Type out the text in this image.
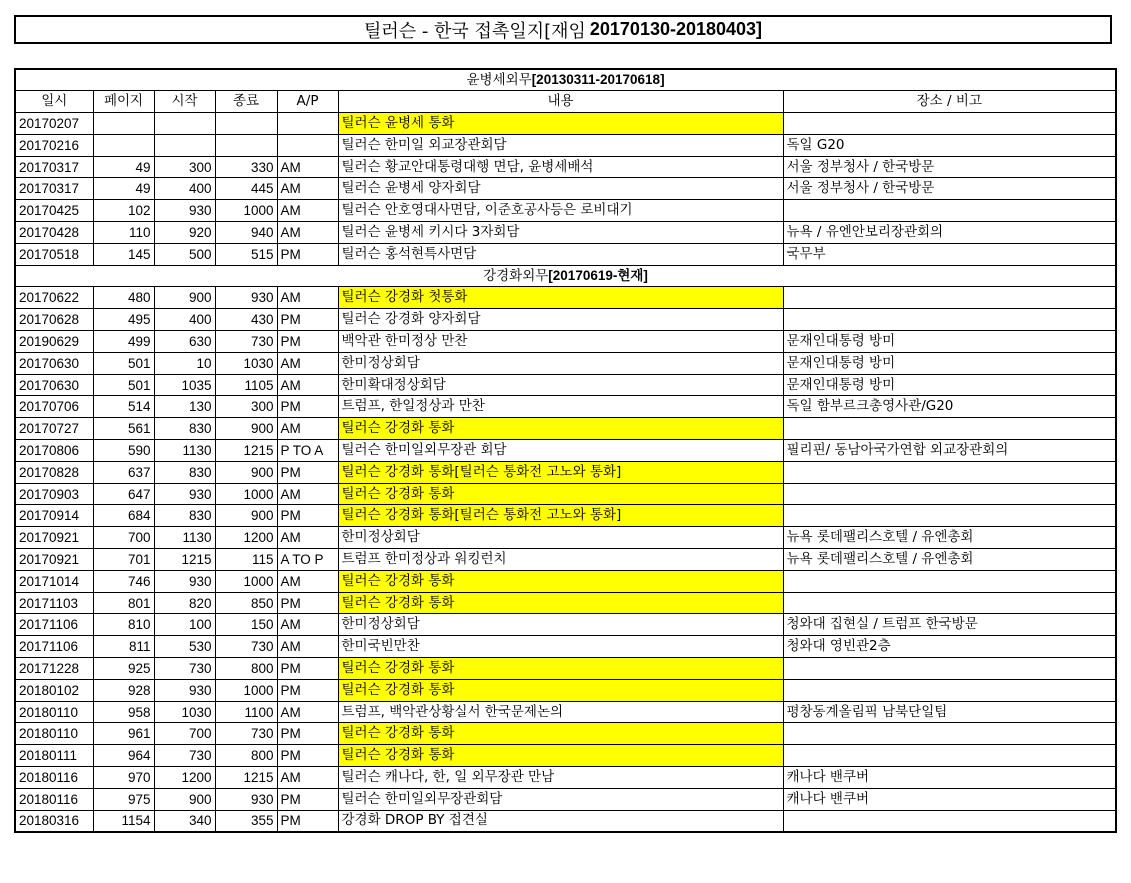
틸러슨 - 한국 접촉일지[재임 20170130-20180403]
윤병세외무[20130311-20170618]						
일시	페이지	시작	종료	A/P	내용	장소 / 비고
20170207					틸러슨 윤병세 통화	
20170216					틸러슨 한미일 외교장관회담	독일 G20
20170317	49	300	330	AM	틸러슨 황교안대통령대행 면담, 윤병세배석	서울 정부청사 / 한국방문
20170317	49	400	445	AM	틸러슨 윤병세 양자회담	서울 정부청사 / 한국방문
20170425	102	930	1000	AM	틸러슨 안호영대사면담, 이준호공사등은 로비대기	
20170428	110	920	940	AM	틸러슨 윤병세 키시다 3자회담	뉴욕 / 유엔안보리장관회의
20170518	145	500	515	PM	틸러슨 홍석현특사면담	국무부
강경화외무[20170619-현재]						
20170622	480	900	930	AM	틸러슨 강경화 첫통화	
20170628	495	400	430	PM	틸러슨 강경화 양자회담	
20190629	499	630	730	PM	백악관 한미정상 만찬	문재인대통령 방미
20170630	501	10	1030	AM	한미정상회담	문재인대통령 방미
20170630	501	1035	1105	AM	한미확대정상회담	문재인대통령 방미
20170706	514	130	300	PM	트럼프, 한일정상과 만찬	독일 함부르크총영사관/G20
20170727	561	830	900	AM	틸러슨 강경화 통화	
20170806	590	1130	1215	P TO A	틸러슨 한미일외무장관 회담	필리핀/ 동남아국가연합 외교장관회의
20170828	637	830	900	PM	틸러슨 강경화 통화[틸러슨 통화전 고노와 통화]	
20170903	647	930	1000	AM	틸러슨 강경화 통화	
20170914	684	830	900	PM	틸러슨 강경화 통화[틸러슨 통화전 고노와 통화]	
20170921	700	1130	1200	AM	한미정상회담	뉴욕 롯데팰리스호텔 / 유엔총회
20170921	701	1215	115	A TO P	트럼프 한미정상과 워킹런치	뉴욕 롯데팰리스호텔 / 유엔총회
20171014	746	930	1000	AM	틸러슨 강경화 통화	
20171103	801	820	850	PM	틸러슨 강경화 통화	
20171106	810	100	150	AM	한미정상회담	청와대 집현실 / 트럼프 한국방문
20171106	811	530	730	AM	한미국빈만찬	청와대 영빈관2층
20171228	925	730	800	PM	틸러슨 강경화 통화	
20180102	928	930	1000	PM	틸러슨 강경화 통화	
20180110	958	1030	1100	AM	트럼프, 백악관상황실서 한국문제논의	평창동계올림픽 남북단일팀
20180110	961	700	730	PM	틸러슨 강경화 통화	
20180111	964	730	800	PM	틸러슨 강경화 통화	
20180116	970	1200	1215	AM	틸러슨 캐나다, 한, 일 외무장관 만남	캐나다 밴쿠버
20180116	975	900	930	PM	틸러슨 한미일외무장관회담	캐나다 밴쿠버
20180316	1154	340	355	PM	강경화 DROP BY 접견실	
